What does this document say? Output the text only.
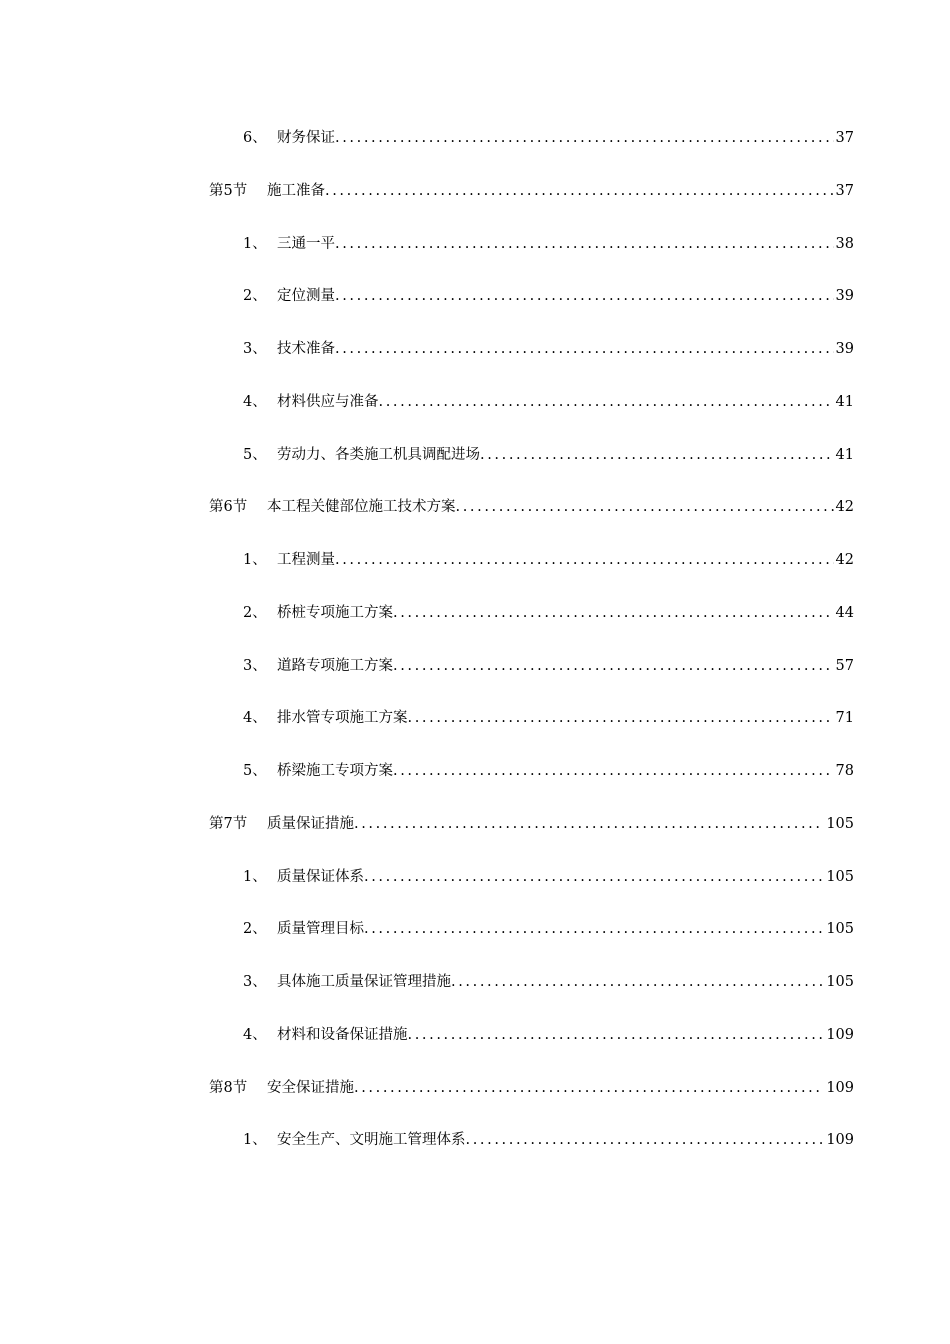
6、 财务保证 .....	37
第5节	施工准备 .....	37
1、 三通一平 .....	38
2、 定位测量 .....	39
3、 技术准备 .....	39
4、 材料供应与准备 .....	41
5、 劳动力、各类施工机具调配进场 .....	41
第6节	本工程关健部位施工技术方案 .....	42
1、 工程测量 .....	42
2、 桥桩专项施工方案 .....	44
3、 道路专项施工方案 .....	57
4、 排水管专项施工方案 .....	71
5、 桥梁施工专项方案 .....	78
第7节	质量保证措施 .....	105
1、 质量保证体系 .....	105
2、 质量管理目标 .....	105
3、 具体施工质量保证管理措施 .....	105
4、 材料和设备保证措施 .....	109
第8节	安全保证措施 .....	109
1、 安全生产、文明施工管理体系 .....	109
